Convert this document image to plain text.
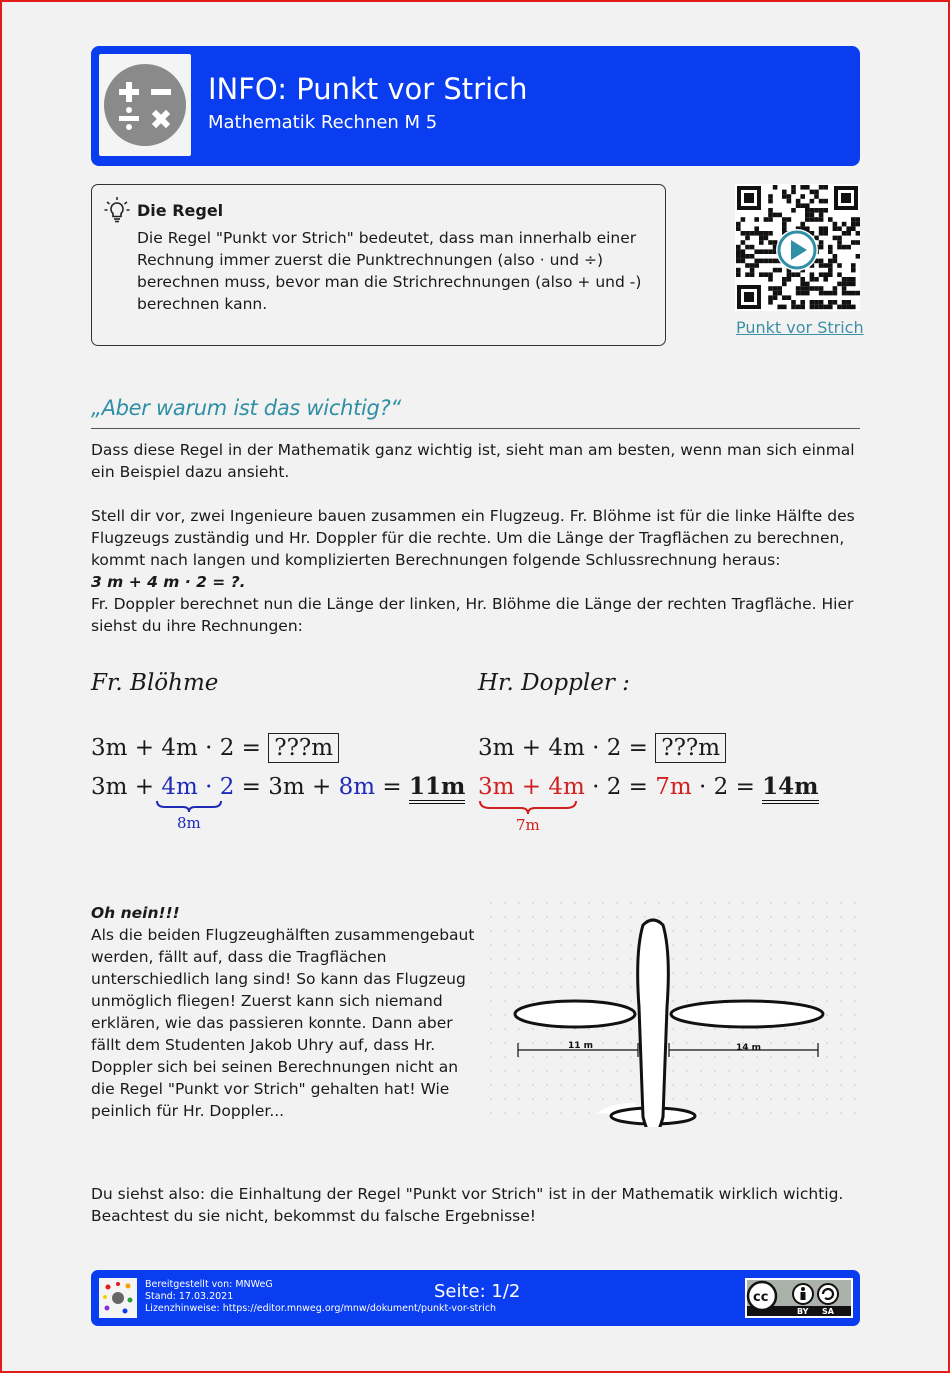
INFO: Punkt vor Strich
Mathematik Rechnen M 5
Die Regel
Die Regel "Punkt vor Strich" bedeutet, dass man innerhalb einer Rechnung immer zuerst die Punktrechnungen (also · und ÷) berechnen muss, bevor man die Strichrechnungen (also + und -) berechnen kann.
Punkt vor Strich
„Aber warum ist das wichtig?“
Dass diese Regel in der Mathematik ganz wichtig ist, sieht man am besten, wenn man sich einmal ein Beispiel dazu ansieht.
Stell dir vor, zwei Ingenieure bauen zusammen ein Flugzeug. Fr. Blöhme ist für die linke Hälfte des Flugzeugs zuständig und Hr. Doppler für die rechte. Um die Länge der Tragflächen zu berechnen, kommt nach langen und komplizierten Berechnungen folgende Schlussrechnung heraus:
3 m + 4 m · 2 = ?.
Fr. Doppler berechnet nun die Länge der linken, Hr. Blöhme die Länge der rechten Tragfläche. Hier siehst du ihre Rechnungen:
Fr. Blöhme
3m + 4m · 2 = ???m
3m + 4m · 2 = 3m + 8m = 11m
8m
Hr. Doppler :
3m + 4m · 2 = ???m
3m + 4m · 2 = 7m · 2 = 14m
7m
Oh nein!!!
Als die beiden Flugzeughälften zusammengebaut werden, fällt auf, dass die Tragflächen unterschiedlich lang sind! So kann das Flugzeug unmöglich fliegen! Zuerst kann sich niemand erklären, wie das passieren konnte. Dann aber fällt dem Studenten Jakob Uhry auf, dass Hr. Doppler sich bei seinen Berechnungen nicht an die Regel "Punkt vor Strich" gehalten hat! Wie peinlich für Hr. Doppler...
11 m	14 m
Du siehst also: die Einhaltung der Regel "Punkt vor Strich" ist in der Mathematik wirklich wichtig. Beachtest du sie nicht, bekommst du falsche Ergebnisse!
Bereitgestellt von: MNWeG
Stand: 17.03.2021
Lizenzhinweise: https://editor.mnweg.org/mnw/dokument/punkt-vor-strich
Seite: 1/2	cc
BY SA
